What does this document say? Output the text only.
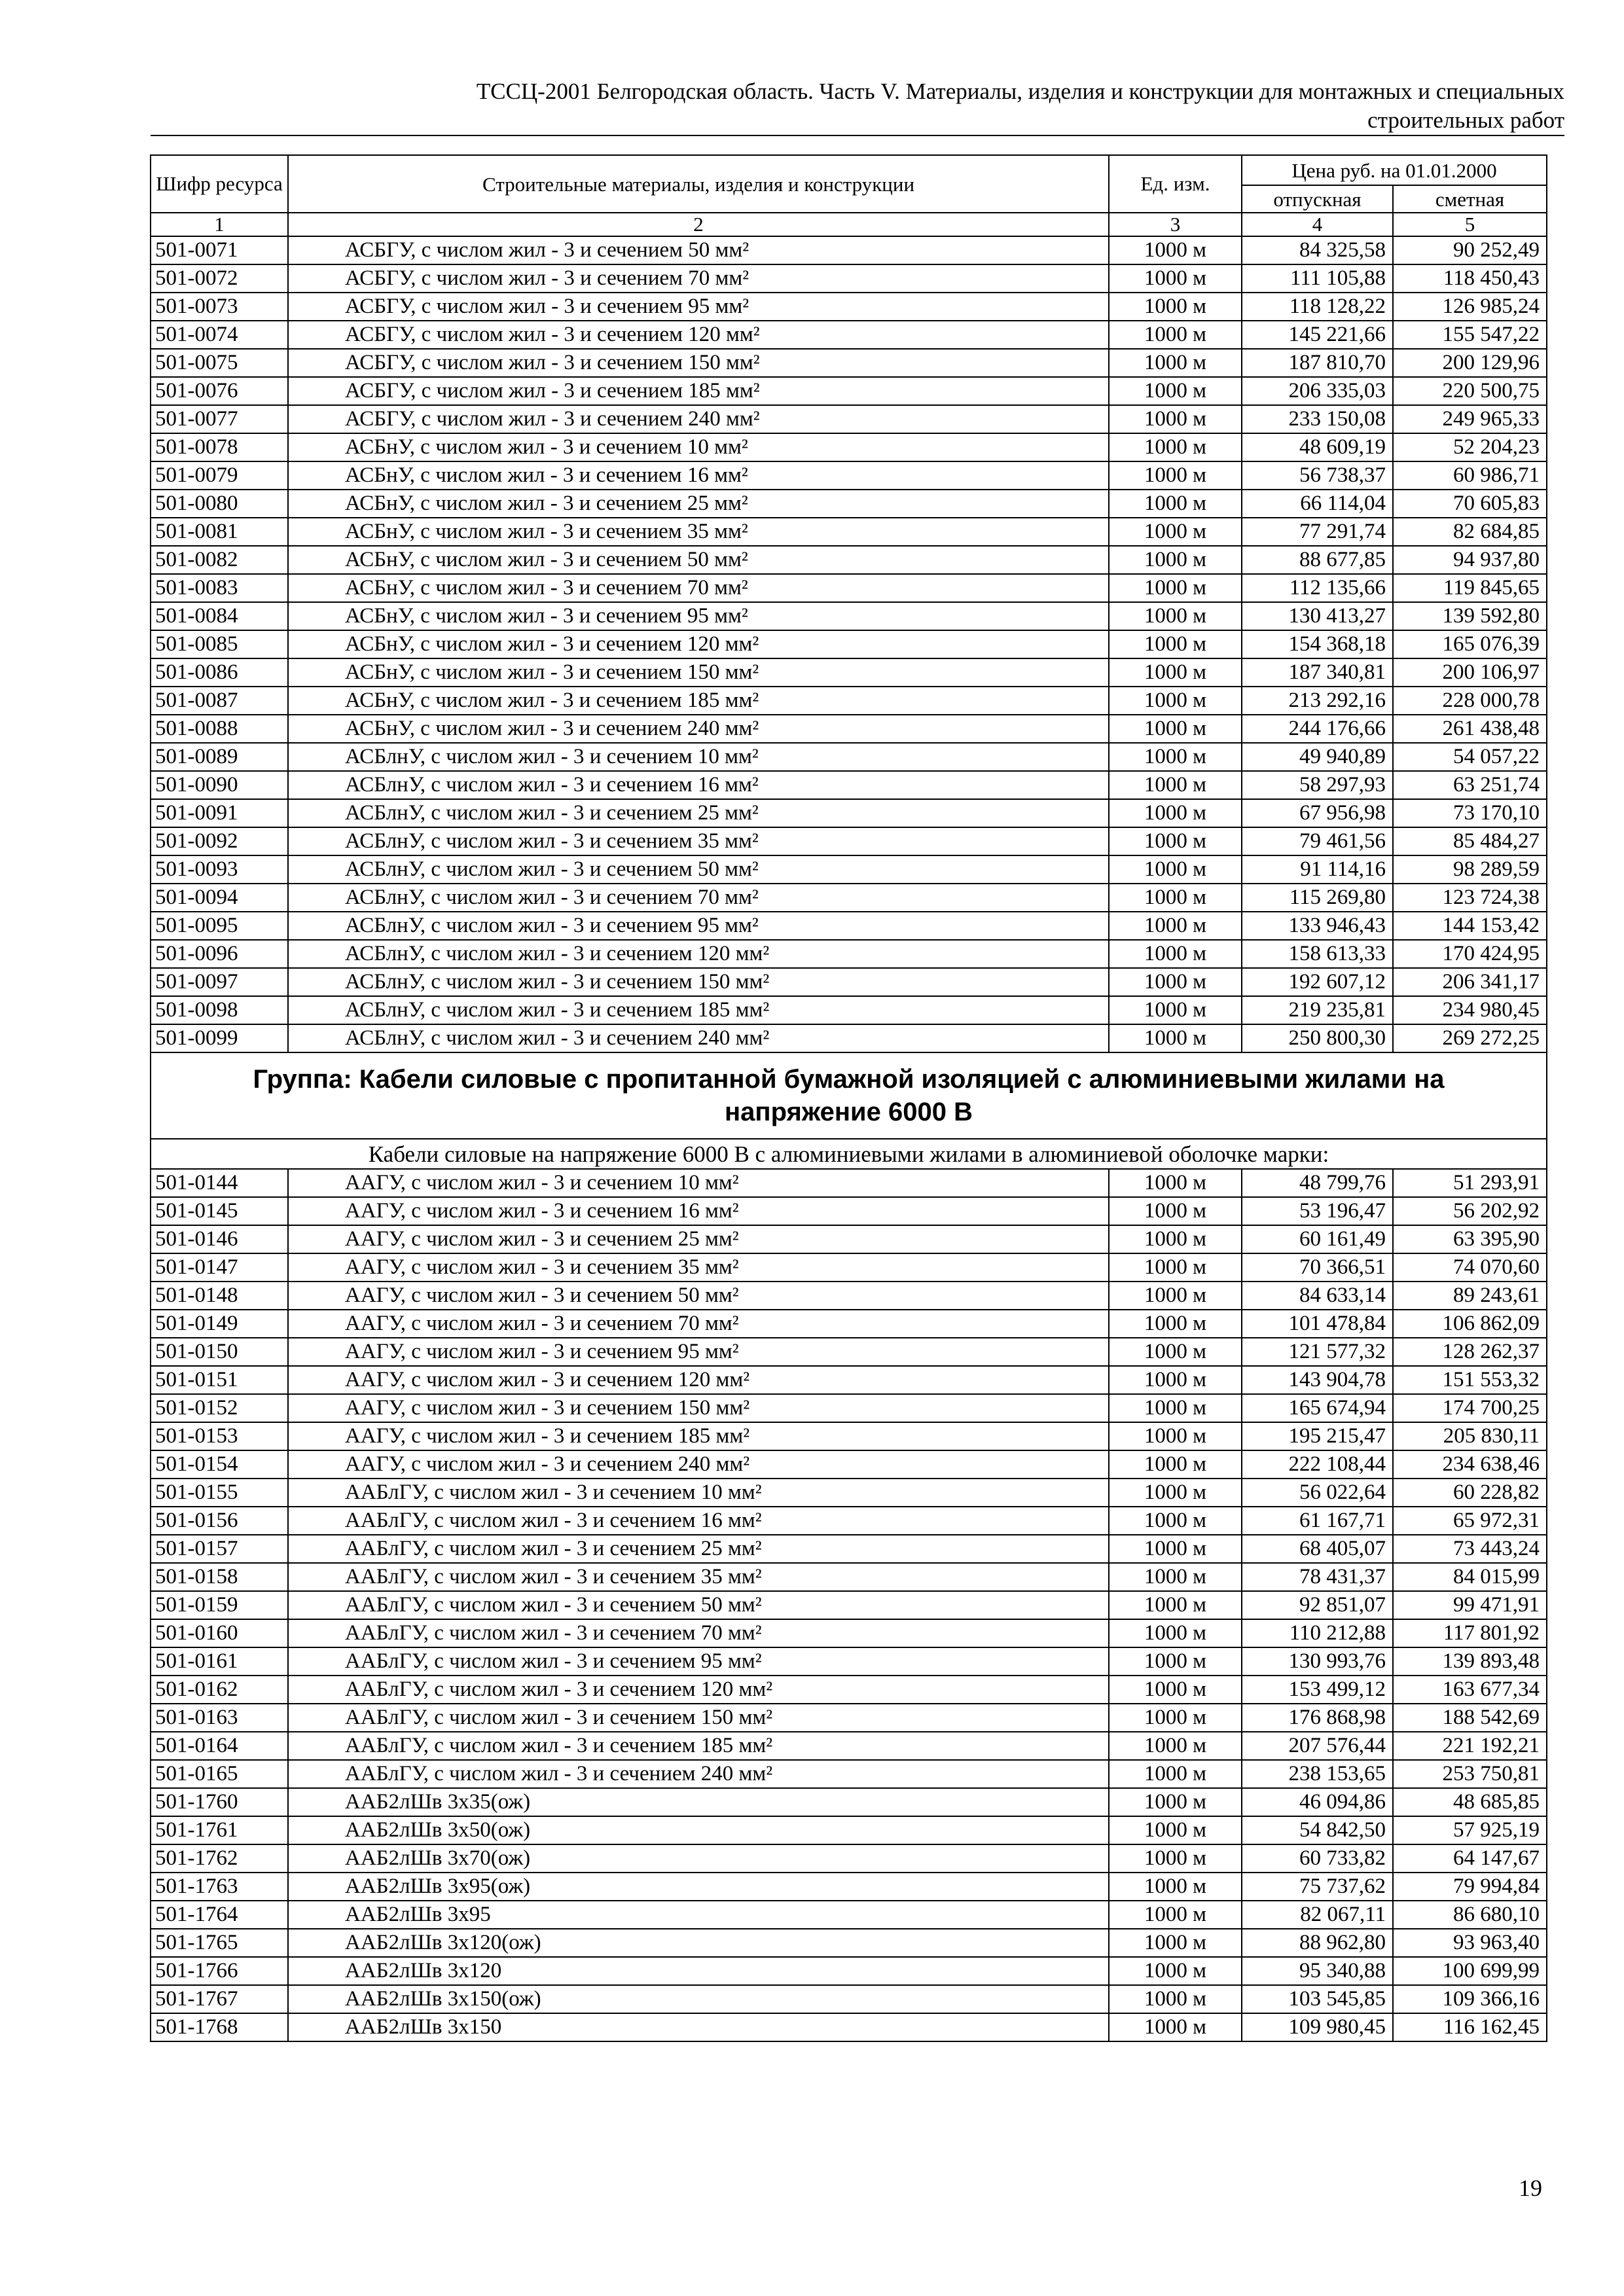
ТССЦ-2001 Белгородская область. Часть V. Материалы, изделия и конструкции для монтажных и специальных
строительных работ
Шифр ресурса	Строительные материалы, изделия и конструкции	Ед. изм.	Цена руб. на 01.01.2000	
			отпускная	сметная
1	2	3	4	5
501-0071	АСБГУ, с числом жил - 3 и сечением 50 мм²	1000 м	84 325,58	90 252,49
501-0072	АСБГУ, с числом жил - 3 и сечением 70 мм²	1000 м	111 105,88	118 450,43
501-0073	АСБГУ, с числом жил - 3 и сечением 95 мм²	1000 м	118 128,22	126 985,24
501-0074	АСБГУ, с числом жил - 3 и сечением 120 мм²	1000 м	145 221,66	155 547,22
501-0075	АСБГУ, с числом жил - 3 и сечением 150 мм²	1000 м	187 810,70	200 129,96
501-0076	АСБГУ, с числом жил - 3 и сечением 185 мм²	1000 м	206 335,03	220 500,75
501-0077	АСБГУ, с числом жил - 3 и сечением 240 мм²	1000 м	233 150,08	249 965,33
501-0078	АСБнУ, с числом жил - 3 и сечением 10 мм²	1000 м	48 609,19	52 204,23
501-0079	АСБнУ, с числом жил - 3 и сечением 16 мм²	1000 м	56 738,37	60 986,71
501-0080	АСБнУ, с числом жил - 3 и сечением 25 мм²	1000 м	66 114,04	70 605,83
501-0081	АСБнУ, с числом жил - 3 и сечением 35 мм²	1000 м	77 291,74	82 684,85
501-0082	АСБнУ, с числом жил - 3 и сечением 50 мм²	1000 м	88 677,85	94 937,80
501-0083	АСБнУ, с числом жил - 3 и сечением 70 мм²	1000 м	112 135,66	119 845,65
501-0084	АСБнУ, с числом жил - 3 и сечением 95 мм²	1000 м	130 413,27	139 592,80
501-0085	АСБнУ, с числом жил - 3 и сечением 120 мм²	1000 м	154 368,18	165 076,39
501-0086	АСБнУ, с числом жил - 3 и сечением 150 мм²	1000 м	187 340,81	200 106,97
501-0087	АСБнУ, с числом жил - 3 и сечением 185 мм²	1000 м	213 292,16	228 000,78
501-0088	АСБнУ, с числом жил - 3 и сечением 240 мм²	1000 м	244 176,66	261 438,48
501-0089	АСБлнУ, с числом жил - 3 и сечением 10 мм²	1000 м	49 940,89	54 057,22
501-0090	АСБлнУ, с числом жил - 3 и сечением 16 мм²	1000 м	58 297,93	63 251,74
501-0091	АСБлнУ, с числом жил - 3 и сечением 25 мм²	1000 м	67 956,98	73 170,10
501-0092	АСБлнУ, с числом жил - 3 и сечением 35 мм²	1000 м	79 461,56	85 484,27
501-0093	АСБлнУ, с числом жил - 3 и сечением 50 мм²	1000 м	91 114,16	98 289,59
501-0094	АСБлнУ, с числом жил - 3 и сечением 70 мм²	1000 м	115 269,80	123 724,38
501-0095	АСБлнУ, с числом жил - 3 и сечением 95 мм²	1000 м	133 946,43	144 153,42
501-0096	АСБлнУ, с числом жил - 3 и сечением 120 мм²	1000 м	158 613,33	170 424,95
501-0097	АСБлнУ, с числом жил - 3 и сечением 150 мм²	1000 м	192 607,12	206 341,17
501-0098	АСБлнУ, с числом жил - 3 и сечением 185 мм²	1000 м	219 235,81	234 980,45
501-0099	АСБлнУ, с числом жил - 3 и сечением 240 мм²	1000 м	250 800,30	269 272,25
Группа: Кабели силовые с пропитанной бумажной изоляцией с алюминиевыми жилами на напряжение 6000 В				
Кабели силовые на напряжение 6000 В с алюминиевыми жилами в алюминиевой оболочке марки:				
501-0144	ААГУ, с числом жил - 3 и сечением 10 мм²	1000 м	48 799,76	51 293,91
501-0145	ААГУ, с числом жил - 3 и сечением 16 мм²	1000 м	53 196,47	56 202,92
501-0146	ААГУ, с числом жил - 3 и сечением 25 мм²	1000 м	60 161,49	63 395,90
501-0147	ААГУ, с числом жил - 3 и сечением 35 мм²	1000 м	70 366,51	74 070,60
501-0148	ААГУ, с числом жил - 3 и сечением 50 мм²	1000 м	84 633,14	89 243,61
501-0149	ААГУ, с числом жил - 3 и сечением 70 мм²	1000 м	101 478,84	106 862,09
501-0150	ААГУ, с числом жил - 3 и сечением 95 мм²	1000 м	121 577,32	128 262,37
501-0151	ААГУ, с числом жил - 3 и сечением 120 мм²	1000 м	143 904,78	151 553,32
501-0152	ААГУ, с числом жил - 3 и сечением 150 мм²	1000 м	165 674,94	174 700,25
501-0153	ААГУ, с числом жил - 3 и сечением 185 мм²	1000 м	195 215,47	205 830,11
501-0154	ААГУ, с числом жил - 3 и сечением 240 мм²	1000 м	222 108,44	234 638,46
501-0155	ААБлГУ, с числом жил - 3 и сечением 10 мм²	1000 м	56 022,64	60 228,82
501-0156	ААБлГУ, с числом жил - 3 и сечением 16 мм²	1000 м	61 167,71	65 972,31
501-0157	ААБлГУ, с числом жил - 3 и сечением 25 мм²	1000 м	68 405,07	73 443,24
501-0158	ААБлГУ, с числом жил - 3 и сечением 35 мм²	1000 м	78 431,37	84 015,99
501-0159	ААБлГУ, с числом жил - 3 и сечением 50 мм²	1000 м	92 851,07	99 471,91
501-0160	ААБлГУ, с числом жил - 3 и сечением 70 мм²	1000 м	110 212,88	117 801,92
501-0161	ААБлГУ, с числом жил - 3 и сечением 95 мм²	1000 м	130 993,76	139 893,48
501-0162	ААБлГУ, с числом жил - 3 и сечением 120 мм²	1000 м	153 499,12	163 677,34
501-0163	ААБлГУ, с числом жил - 3 и сечением 150 мм²	1000 м	176 868,98	188 542,69
501-0164	ААБлГУ, с числом жил - 3 и сечением 185 мм²	1000 м	207 576,44	221 192,21
501-0165	ААБлГУ, с числом жил - 3 и сечением 240 мм²	1000 м	238 153,65	253 750,81
501-1760	ААБ2лШв 3х35(ож)	1000 м	46 094,86	48 685,85
501-1761	ААБ2лШв 3х50(ож)	1000 м	54 842,50	57 925,19
501-1762	ААБ2лШв 3х70(ож)	1000 м	60 733,82	64 147,67
501-1763	ААБ2лШв 3х95(ож)	1000 м	75 737,62	79 994,84
501-1764	ААБ2лШв 3х95	1000 м	82 067,11	86 680,10
501-1765	ААБ2лШв 3х120(ож)	1000 м	88 962,80	93 963,40
501-1766	ААБ2лШв 3х120	1000 м	95 340,88	100 699,99
501-1767	ААБ2лШв 3х150(ож)	1000 м	103 545,85	109 366,16
501-1768	ААБ2лШв 3х150	1000 м	109 980,45	116 162,45
19
